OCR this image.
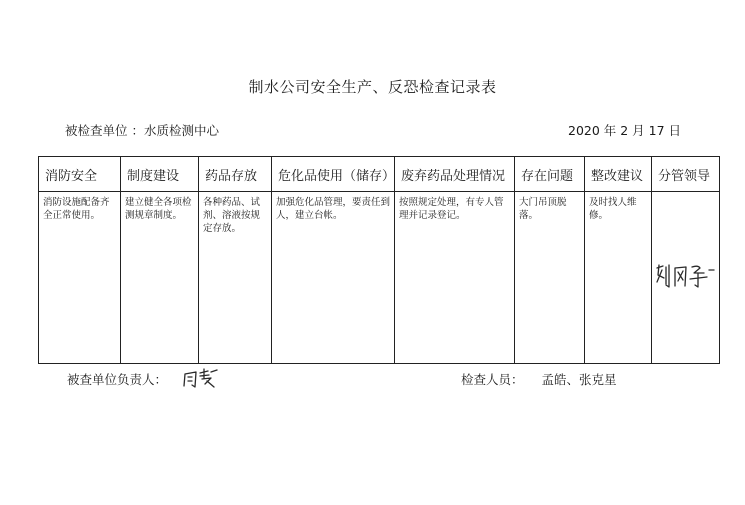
制水公司安全生产、反恐检查记录表
被检查单位 ：水质检测中心	2020 年 2 月 17 日
消防安全	制度建设	药品存放	危化品使用（储存）	废弃药品处理情况	存在问题	整改建议	分管领导
消防设施配备齐全正常使用。	建立健全各项检测规章制度。	各种药品、试剂、溶液按规定存放。	加强危化品管理，要责任到人，建立台帐。	按照规定处理，有专人管理并记录登记。	大门吊顶脱落。	及时找人维修。	
被查单位负责人：	检查人员： 孟皓、张克星
